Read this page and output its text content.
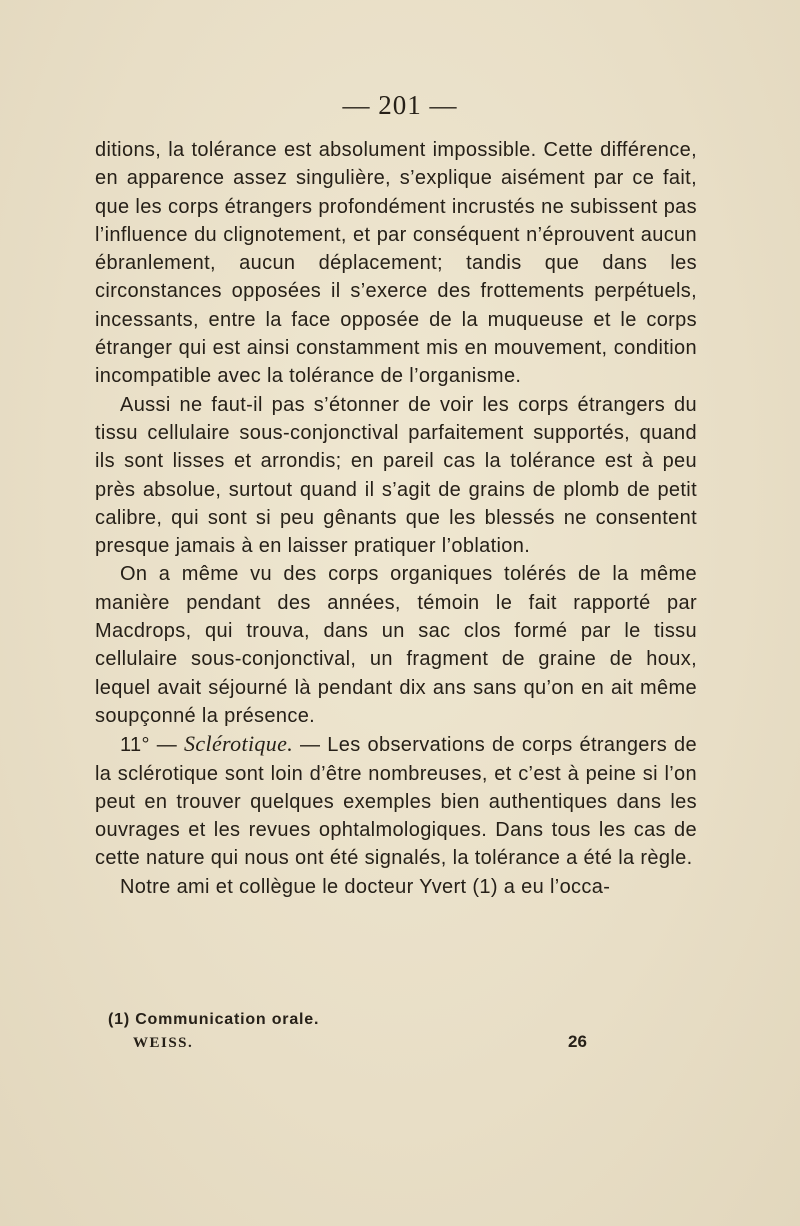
— 201 —

ditions, la tolérance est absolument impossible. Cette différence, en apparence assez singulière, s’explique aisément par ce fait, que les corps étrangers profondément incrustés ne subissent pas l’influence du clignotement, et par conséquent n’éprouvent aucun ébranlement, aucun déplacement; tandis que dans les circonstances opposées il s’exerce des frottements perpétuels, incessants, entre la face opposée de la muqueuse et le corps étranger qui est ainsi constamment mis en mouvement, condition incompatible avec la tolérance de l’organisme.

Aussi ne faut-il pas s’étonner de voir les corps étrangers du tissu cellulaire sous-conjonctival parfaitement supportés, quand ils sont lisses et arrondis; en pareil cas la tolérance est à peu près absolue, surtout quand il s’agit de grains de plomb de petit calibre, qui sont si peu gênants que les blessés ne consentent presque jamais à en laisser pratiquer l’oblation.

On a même vu des corps organiques tolérés de la même manière pendant des années, témoin le fait rapporté par Macdrops, qui trouva, dans un sac clos formé par le tissu cellulaire sous-conjonctival, un fragment de graine de houx, lequel avait séjourné là pendant dix ans sans qu’on en ait même soupçonné la présence.

11° — Sclérotique. — Les observations de corps étrangers de la sclérotique sont loin d’être nombreuses, et c’est à peine si l’on peut en trouver quelques exemples bien authentiques dans les ouvrages et les revues ophtalmologiques. Dans tous les cas de cette nature qui nous ont été signalés, la tolérance a été la règle.

Notre ami et collègue le docteur Yvert (1) a eu l’occa-

(1) Communication orale.
WEISS.	26
